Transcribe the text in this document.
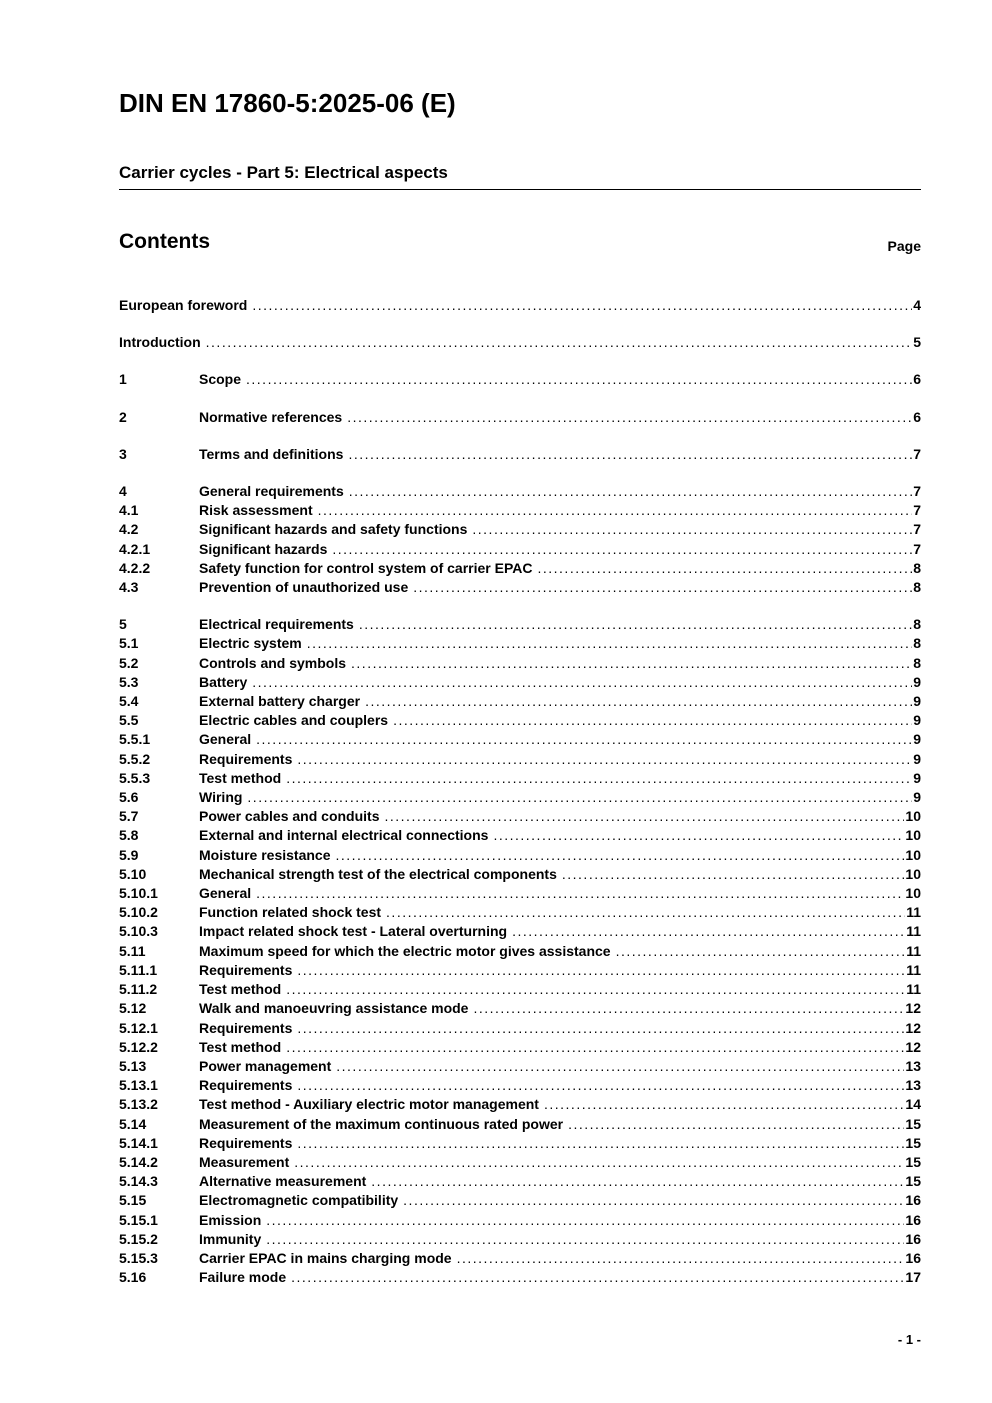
DIN EN 17860-5:2025-06 (E)
Carrier cycles - Part 5: Electrical aspects
Contents	Page
European foreword .....	4
Introduction .....	5
1	Scope .....	6
2	Normative references .....	6
3	Terms and definitions .....	7
4	General requirements .....	7
4.1	Risk assessment .....	7
4.2	Significant hazards and safety functions .....	7
4.2.1	Significant hazards .....	7
4.2.2	Safety function for control system of carrier EPAC .....	8
4.3	Prevention of unauthorized use .....	8
5	Electrical requirements .....	8
5.1	Electric system .....	8
5.2	Controls and symbols .....	8
5.3	Battery .....	9
5.4	External battery charger .....	9
5.5	Electric cables and couplers .....	9
5.5.1	General .....	9
5.5.2	Requirements .....	9
5.5.3	Test method .....	9
5.6	Wiring .....	9
5.7	Power cables and conduits .....	10
5.8	External and internal electrical connections .....	10
5.9	Moisture resistance .....	10
5.10	Mechanical strength test of the electrical components .....	10
5.10.1	General .....	10
5.10.2	Function related shock test .....	11
5.10.3	Impact related shock test - Lateral overturning .....	11
5.11	Maximum speed for which the electric motor gives assistance .....	11
5.11.1	Requirements .....	11
5.11.2	Test method .....	11
5.12	Walk and manoeuvring assistance mode .....	12
5.12.1	Requirements .....	12
5.12.2	Test method .....	12
5.13	Power management .....	13
5.13.1	Requirements .....	13
5.13.2	Test method - Auxiliary electric motor management .....	14
5.14	Measurement of the maximum continuous rated power .....	15
5.14.1	Requirements .....	15
5.14.2	Measurement .....	15
5.14.3	Alternative measurement .....	15
5.15	Electromagnetic compatibility .....	16
5.15.1	Emission .....	16
5.15.2	Immunity .....	16
5.15.3	Carrier EPAC in mains charging mode .....	16
5.16	Failure mode .....	17
- 1 -
